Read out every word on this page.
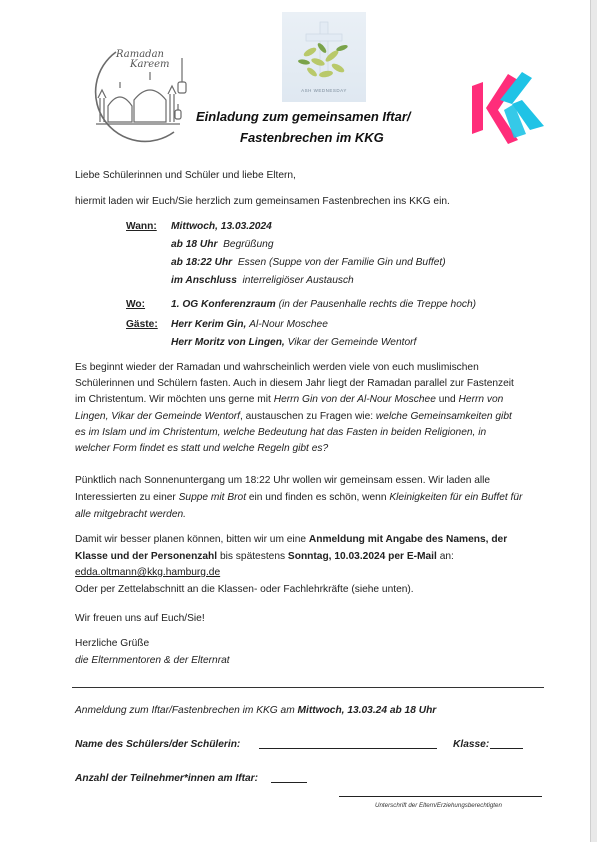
Ramadan
Kareem
ASH WEDNESDAY
Einladung zum gemeinsamen Iftar/
Fastenbrechen im KKG
Liebe Schülerinnen und Schüler und liebe Eltern,
hiermit laden wir Euch/Sie herzlich zum gemeinsamen Fastenbrechen ins KKG ein.
Wann: Mittwoch, 13.03.2024
ab 18 Uhr Begrüßung
ab 18:22 Uhr Essen (Suppe von der Familie Gin und Buffet)
im Anschluss interreligiöser Austausch
Wo:	1. OG Konferenzraum (in der Pausenhalle rechts die Treppe hoch)
Gäste: Herr Kerim Gin, Al-Nour Moschee
Herr Moritz von Lingen, Vikar der Gemeinde Wentorf
Es beginnt wieder der Ramadan und wahrscheinlich werden viele von euch muslimischen Schülerinnen und Schülern fasten. Auch in diesem Jahr liegt der Ramadan parallel zur Fastenzeit im Christentum. Wir möchten uns gerne mit Herrn Gin von der Al-Nour Moschee und Herrn von Lingen, Vikar der Gemeinde Wentorf, austauschen zu Fragen wie: welche Gemeinsamkeiten gibt es im Islam und im Christentum, welche Bedeutung hat das Fasten in beiden Religionen, in welcher Form findet es statt und welche Regeln gibt es?
Pünktlich nach Sonnenuntergang um 18:22 Uhr wollen wir gemeinsam essen. Wir laden alle Interessierten zu einer Suppe mit Brot ein und finden es schön, wenn Kleinigkeiten für ein Buffet für alle mitgebracht werden.
Damit wir besser planen können, bitten wir um eine Anmeldung mit Angabe des Namens, der Klasse und der Personenzahl bis spätestens Sonntag, 10.03.2024 per E-Mail an:
edda.oltmann@kkg.hamburg.de
Oder per Zettelabschnitt an die Klassen- oder Fachlehrkräfte (siehe unten).
Wir freuen uns auf Euch/Sie!
Herzliche Grüße
die Elternmentoren & der Elternrat
Anmeldung zum Iftar/Fastenbrechen im KKG am Mittwoch, 13.03.24 ab 18 Uhr
Name des Schülers/der Schülerin:	Klasse:
Anzahl der Teilnehmer*innen am Iftar:
Unterschrift der Eltern/Erziehungsberechtigten
